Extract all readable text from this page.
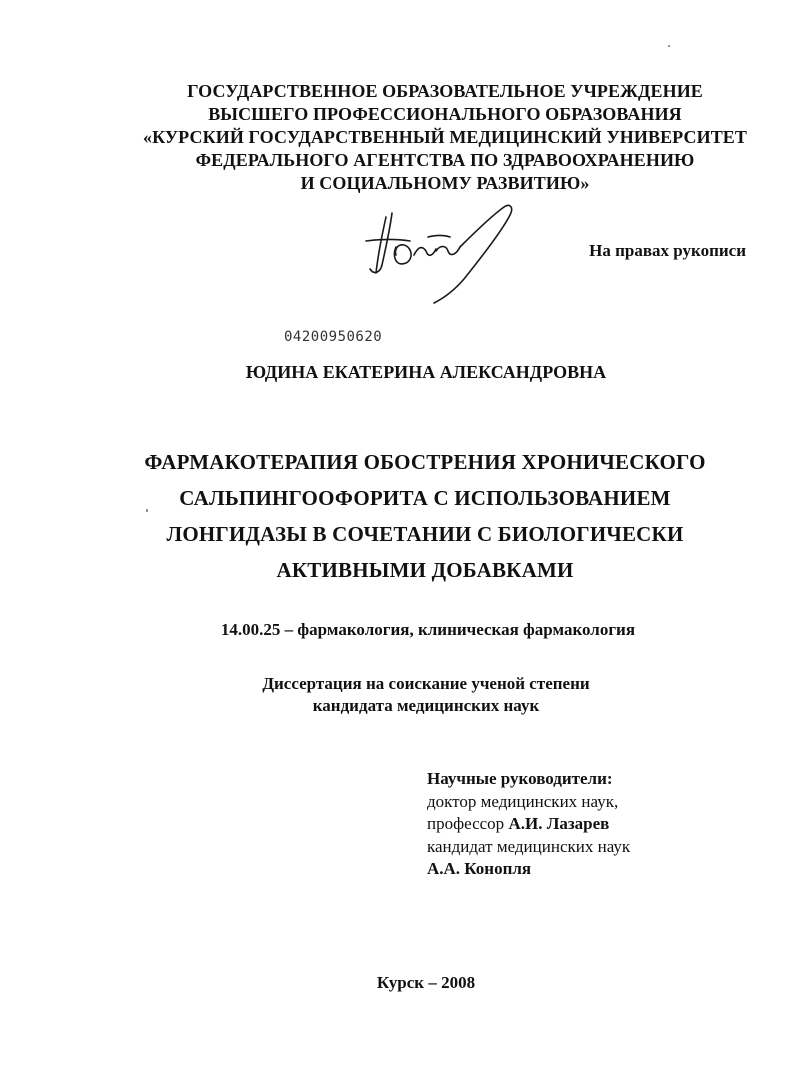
ГОСУДАРСТВЕННОЕ ОБРАЗОВАТЕЛЬНОЕ УЧРЕЖДЕНИЕ
ВЫСШЕГО ПРОФЕССИОНАЛЬНОГО ОБРАЗОВАНИЯ
«КУРСКИЙ ГОСУДАРСТВЕННЫЙ МЕДИЦИНСКИЙ УНИВЕРСИТЕТ
ФЕДЕРАЛЬНОГО АГЕНТСТВА ПО ЗДРАВООХРАНЕНИЮ
И СОЦИАЛЬНОМУ РАЗВИТИЮ»
На правах рукописи
04200950620
ЮДИНА ЕКАТЕРИНА АЛЕКСАНДРОВНА
ФАРМАКОТЕРАПИЯ ОБОСТРЕНИЯ ХРОНИЧЕСКОГО
САЛЬПИНГООФОРИТА С ИСПОЛЬЗОВАНИЕМ
ЛОНГИДАЗЫ В СОЧЕТАНИИ С БИОЛОГИЧЕСКИ
АКТИВНЫМИ ДОБАВКАМИ
14.00.25 – фармакология, клиническая фармакология
Диссертация на соискание ученой степени
кандидата медицинских наук
Научные руководители:
доктор медицинских наук,
профессор А.И. Лазарев
кандидат медицинских наук
А.А. Конопля
Курск – 2008
